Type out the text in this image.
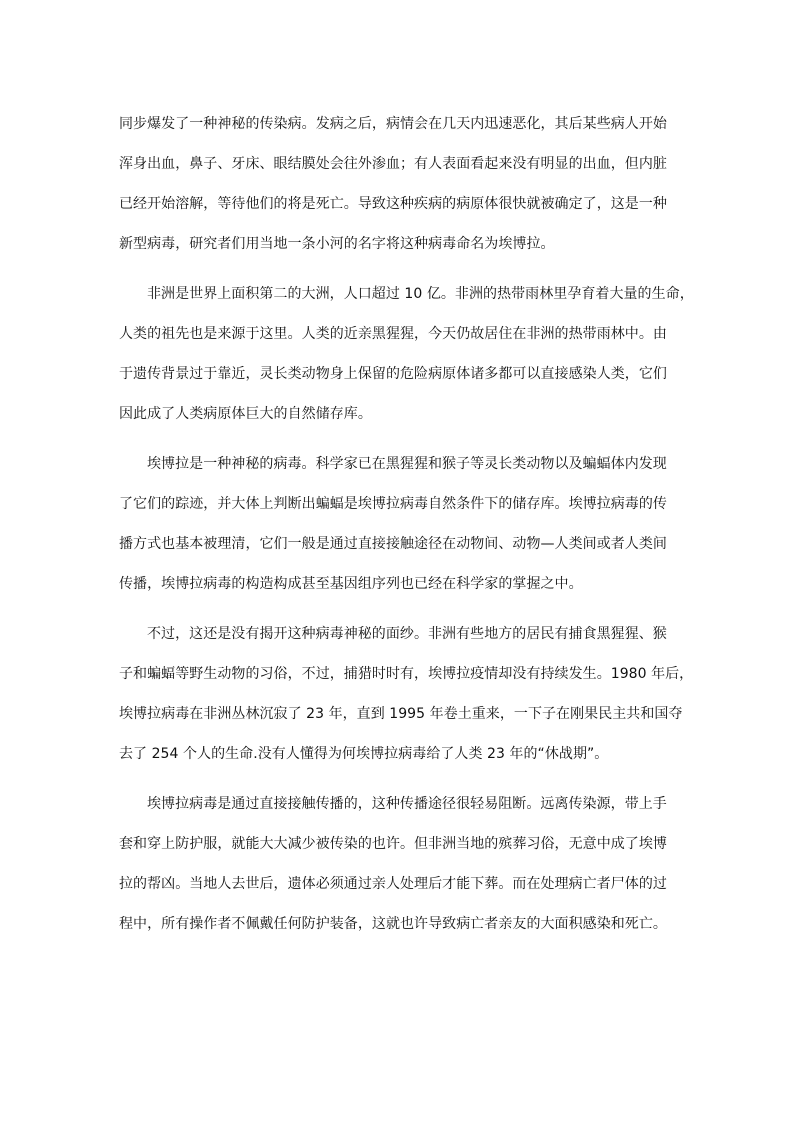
同步爆发了一种神秘的传染病。发病之后，病情会在几天内迅速恶化，其后某些病人开始
浑身出血，鼻子、牙床、眼结膜处会往外渗血；有人表面看起来没有明显的出血，但内脏
已经开始溶解，等待他们的将是死亡。导致这种疾病的病原体很快就被确定了，这是一种
新型病毒，研究者们用当地一条小河的名字将这种病毒命名为埃博拉。

非洲是世界上面积第二的大洲，人口超过 10 亿。非洲的热带雨林里孕育着大量的生命，
人类的祖先也是来源于这里。人类的近亲黑猩猩，今天仍故居住在非洲的热带雨林中。由
于遗传背景过于靠近，灵长类动物身上保留的危险病原体诸多都可以直接感染人类，它们
因此成了人类病原体巨大的自然储存库。

埃博拉是一种神秘的病毒。科学家已在黑猩猩和猴子等灵长类动物以及蝙蝠体内发现
了它们的踪迹，并大体上判断出蝙蝠是埃博拉病毒自然条件下的储存库。埃博拉病毒的传
播方式也基本被理清，它们一般是通过直接接触途径在动物间、动物—人类间或者人类间
传播，埃博拉病毒的构造构成甚至基因组序列也已经在科学家的掌握之中。

不过，这还是没有揭开这种病毒神秘的面纱。非洲有些地方的居民有捕食黑猩猩、猴
子和蝙蝠等野生动物的习俗，不过，捕猎时时有，埃博拉疫情却没有持续发生。1980 年后，
埃博拉病毒在非洲丛林沉寂了 23 年，直到 1995 年卷土重来，一下子在刚果民主共和国夺
去了 254 个人的生命.没有人懂得为何埃博拉病毒给了人类 23 年的“休战期”。

埃博拉病毒是通过直接接触传播的，这种传播途径很轻易阻断。远离传染源，带上手
套和穿上防护服，就能大大减少被传染的也许。但非洲当地的殡葬习俗，无意中成了埃博
拉的帮凶。当地人去世后，遗体必须通过亲人处理后才能下葬。而在处理病亡者尸体的过
程中，所有操作者不佩戴任何防护装备，这就也许导致病亡者亲友的大面积感染和死亡。
